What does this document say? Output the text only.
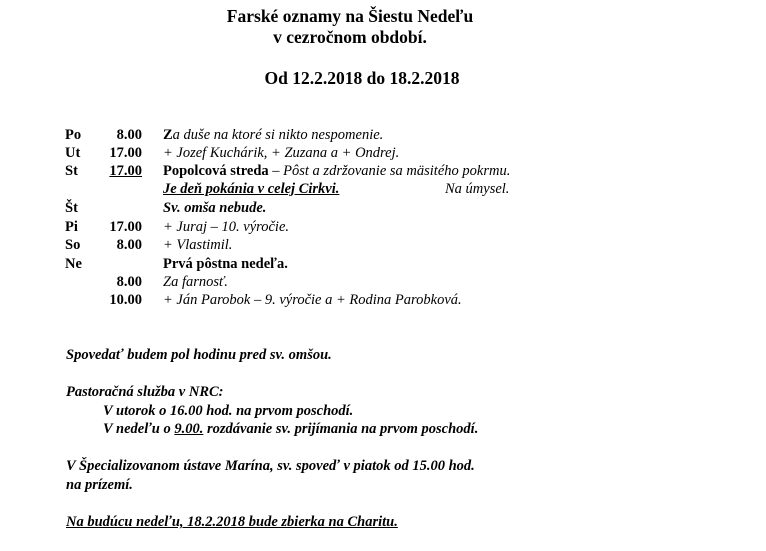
Farské oznamy na Šiestu Nedeľu
v cezročnom období.
Od 12.2.2018 do 18.2.2018
Po	8.00 Za duše na ktoré si nikto nespomenie.
Ut	17.00 + Jozef Kuchárik, + Zuzana a + Ondrej.
St	17.00 Popolcová streda – Pôst a zdržovanie sa mäsitého pokrmu.
Je deň pokánia v celej Cirkvi.	Na úmysel.
Št	Sv. omša nebude.
Pi	17.00 + Juraj – 10. výročie.
So	8.00 + Vlastimil.
Ne	Prvá pôstna nedeľa.
8.00 Za farnosť.
10.00 + Ján Parobok – 9. výročie a + Rodina Parobková.
Spovedať budem pol hodinu pred sv. omšou.
Pastoračná služba v NRC:
V utorok o 16.00 hod. na prvom poschodí.
V nedeľu o 9.00. rozdávanie sv. prijímania na prvom poschodí.
V Špecializovanom ústave Marína, sv. spoveď v piatok od 15.00 hod.
na prízemí.
Na budúcu nedeľu, 18.2.2018 bude zbierka na Charitu.
